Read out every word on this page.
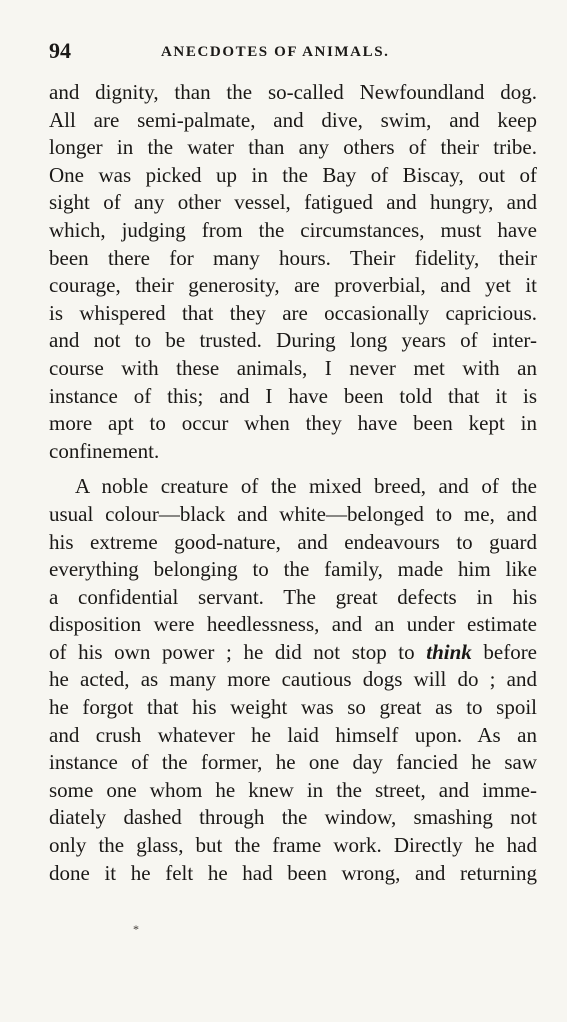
94	ANECDOTES OF ANIMALS.
and dignity, than the so-called Newfoundland dog.
All are semi-palmate, and dive, swim, and keep
longer in the water than any others of their tribe.
One was picked up in the Bay of Biscay, out of
sight of any other vessel, fatigued and hungry, and
which, judging from the circumstances, must have
been there for many hours. Their fidelity, their
courage, their generosity, are proverbial, and yet it
is whispered that they are occasionally capricious.
and not to be trusted. During long years of inter-
course with these animals, I never met with an
instance of this; and I have been told that it is
more apt to occur when they have been kept in
confinement.
A noble creature of the mixed breed, and of the
usual colour—black and white—belonged to me, and
his extreme good-nature, and endeavours to guard
everything belonging to the family, made him like
a confidential servant. The great defects in his
disposition were heedlessness, and an under estimate
of his own power ; he did not stop to think before
he acted, as many more cautious dogs will do ; and
he forgot that his weight was so great as to spoil
and crush whatever he laid himself upon. As an
instance of the former, he one day fancied he saw
some one whom he knew in the street, and imme-
diately dashed through the window, smashing not
only the glass, but the frame work. Directly he had
done it he felt he had been wrong, and returning
*
